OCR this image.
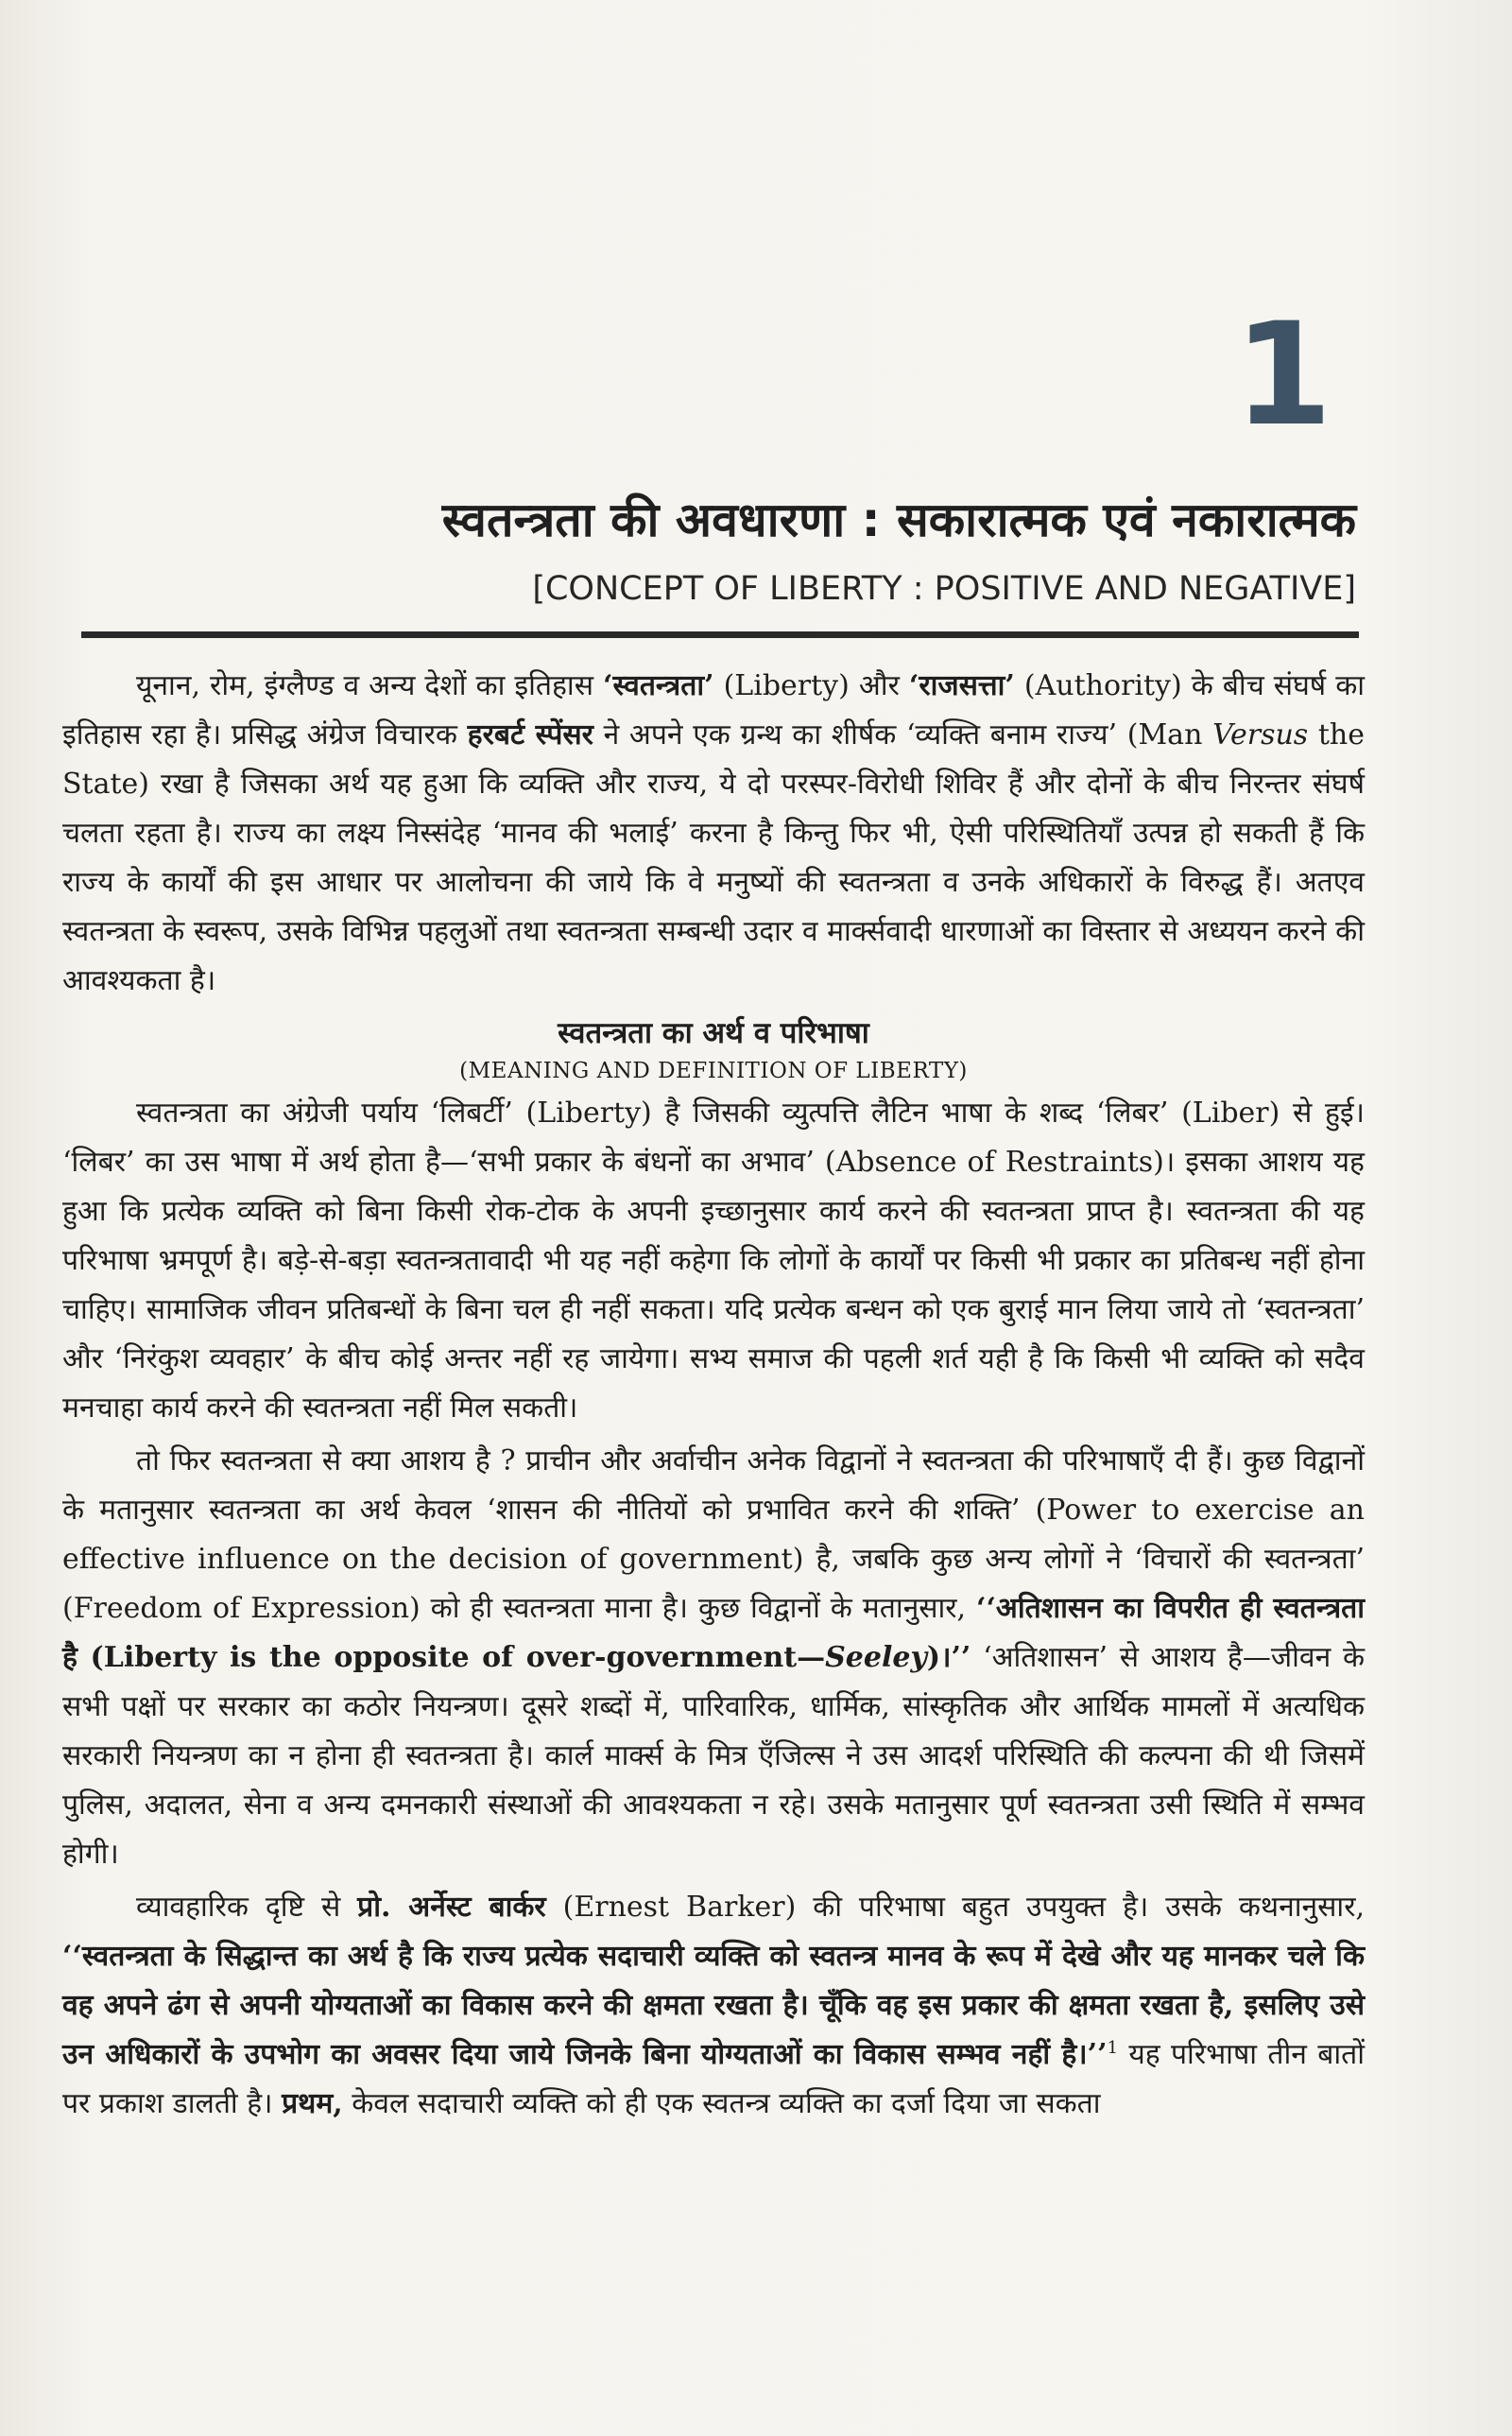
1
स्वतन्त्रता की अवधारणा : सकारात्मक एवं नकारात्मक
[CONCEPT OF LIBERTY : POSITIVE AND NEGATIVE]

यूनान, रोम, इंग्लैण्ड व अन्य देशों का इतिहास ‘स्वतन्त्रता’ (Liberty) और ‘राजसत्ता’ (Authority) के बीच संघर्ष का इतिहास रहा है। प्रसिद्ध अंग्रेज विचारक हरबर्ट स्पेंसर ने अपने एक ग्रन्थ का शीर्षक ‘व्यक्ति बनाम राज्य’ (Man Versus the State) रखा है जिसका अर्थ यह हुआ कि व्यक्ति और राज्य, ये दो परस्पर-विरोधी शिविर हैं और दोनों के बीच निरन्तर संघर्ष चलता रहता है। राज्य का लक्ष्य निस्संदेह ‘मानव की भलाई’ करना है किन्तु फिर भी, ऐसी परिस्थितियाँ उत्पन्न हो सकती हैं कि राज्य के कार्यों की इस आधार पर आलोचना की जाये कि वे मनुष्यों की स्वतन्त्रता व उनके अधिकारों के विरुद्ध हैं। अतएव स्वतन्त्रता के स्वरूप, उसके विभिन्न पहलुओं तथा स्वतन्त्रता सम्बन्धी उदार व मार्क्सवादी धारणाओं का विस्तार से अध्ययन करने की आवश्यकता है।

स्वतन्त्रता का अर्थ व परिभाषा
(MEANING AND DEFINITION OF LIBERTY)

स्वतन्त्रता का अंग्रेजी पर्याय ‘लिबर्टी’ (Liberty) है जिसकी व्युत्पत्ति लैटिन भाषा के शब्द ‘लिबर’ (Liber) से हुई। ‘लिबर’ का उस भाषा में अर्थ होता है—‘सभी प्रकार के बंधनों का अभाव’ (Absence of Restraints)। इसका आशय यह हुआ कि प्रत्येक व्यक्ति को बिना किसी रोक-टोक के अपनी इच्छानुसार कार्य करने की स्वतन्त्रता प्राप्त है। स्वतन्त्रता की यह परिभाषा भ्रमपूर्ण है। बड़े-से-बड़ा स्वतन्त्रतावादी भी यह नहीं कहेगा कि लोगों के कार्यों पर किसी भी प्रकार का प्रतिबन्ध नहीं होना चाहिए। सामाजिक जीवन प्रतिबन्धों के बिना चल ही नहीं सकता। यदि प्रत्येक बन्धन को एक बुराई मान लिया जाये तो ‘स्वतन्त्रता’ और ‘निरंकुश व्यवहार’ के बीच कोई अन्तर नहीं रह जायेगा। सभ्य समाज की पहली शर्त यही है कि किसी भी व्यक्ति को सदैव मनचाहा कार्य करने की स्वतन्त्रता नहीं मिल सकती।

तो फिर स्वतन्त्रता से क्या आशय है ? प्राचीन और अर्वाचीन अनेक विद्वानों ने स्वतन्त्रता की परिभाषाएँ दी हैं। कुछ विद्वानों के मतानुसार स्वतन्त्रता का अर्थ केवल ‘शासन की नीतियों को प्रभावित करने की शक्ति’ (Power to exercise an effective influence on the decision of government) है, जबकि कुछ अन्य लोगों ने ‘विचारों की स्वतन्त्रता’ (Freedom of Expression) को ही स्वतन्त्रता माना है। कुछ विद्वानों के मतानुसार, ‘‘अतिशासन का विपरीत ही स्वतन्त्रता है (Liberty is the opposite of over-government—Seeley)।’’ ‘अतिशासन’ से आशय है—जीवन के सभी पक्षों पर सरकार का कठोर नियन्त्रण। दूसरे शब्दों में, पारिवारिक, धार्मिक, सांस्कृतिक और आर्थिक मामलों में अत्यधिक सरकारी नियन्त्रण का न होना ही स्वतन्त्रता है। कार्ल मार्क्स के मित्र एँजिल्स ने उस आदर्श परिस्थिति की कल्पना की थी जिसमें पुलिस, अदालत, सेना व अन्य दमनकारी संस्थाओं की आवश्यकता न रहे। उसके मतानुसार पूर्ण स्वतन्त्रता उसी स्थिति में सम्भव होगी।

व्यावहारिक दृष्टि से प्रो. अर्नेस्ट बार्कर (Ernest Barker) की परिभाषा बहुत उपयुक्त है। उसके कथनानुसार, ‘‘स्वतन्त्रता के सिद्धान्त का अर्थ है कि राज्य प्रत्येक सदाचारी व्यक्ति को स्वतन्त्र मानव के रूप में देखे और यह मानकर चले कि वह अपने ढंग से अपनी योग्यताओं का विकास करने की क्षमता रखता है। चूँकि वह इस प्रकार की क्षमता रखता है, इसलिए उसे उन अधिकारों के उपभोग का अवसर दिया जाये जिनके बिना योग्यताओं का विकास सम्भव नहीं है।’’$^1$ यह परिभाषा तीन बातों पर प्रकाश डालती है। प्रथम, केवल सदाचारी व्यक्ति को ही एक स्वतन्त्र व्यक्ति का दर्जा दिया जा सकता
